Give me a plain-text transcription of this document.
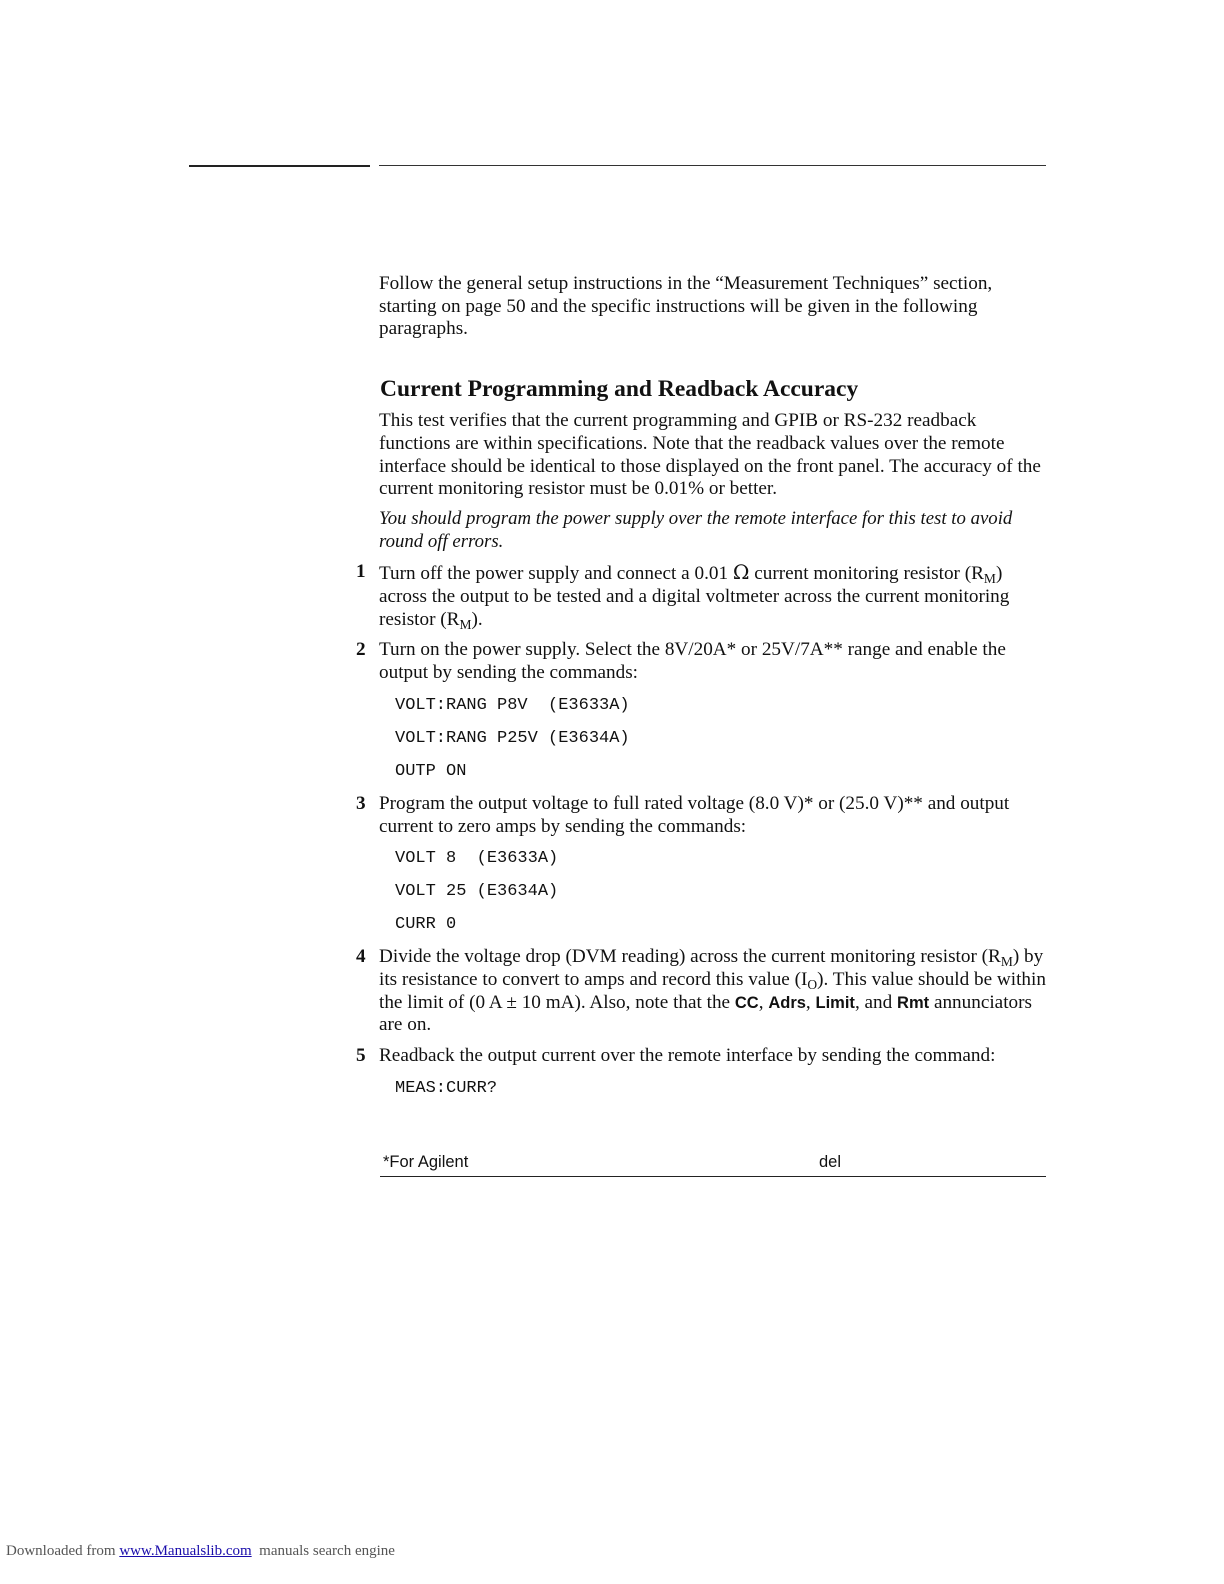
Follow the general setup instructions in the “Measurement Techniques” section, starting on page 50 and the specific instructions will be given in the following paragraphs.

Current Programming and Readback Accuracy

This test verifies that the current programming and GPIB or RS-232 readback functions are within specifications. Note that the readback values over the remote interface should be identical to those displayed on the front panel. The accuracy of the current monitoring resistor must be 0.01% or better.

You should program the power supply over the remote interface for this test to avoid round off errors.

1 Turn off the power supply and connect a 0.01 Ω current monitoring resistor $(R_M)$ across the output to be tested and a digital voltmeter across the current monitoring resistor $(R_M)$.
2 Turn on the power supply. Select the 8V/20A* or 25V/7A** range and enable the output by sending the commands:
VOLT:RANG P8V  (E3633A)
VOLT:RANG P25V (E3634A)
OUTP ON
3 Program the output voltage to full rated voltage (8.0 V)* or (25.0 V)** and output current to zero amps by sending the commands:
VOLT 8  (E3633A)
VOLT 25 (E3634A)
CURR 0
4 Divide the voltage drop (DVM reading) across the current monitoring resistor $(R_M)$ by its resistance to convert to amps and record this value $(I_O)$. This value should be within the limit of (0 A ± 10 mA). Also, note that the CC, Adrs, Limit, and Rmt annunciators are on.
5 Readback the output current over the remote interface by sending the command:
MEAS:CURR?
*For Agilent	del
Downloaded from www.Manualslib.com  manuals search engine
